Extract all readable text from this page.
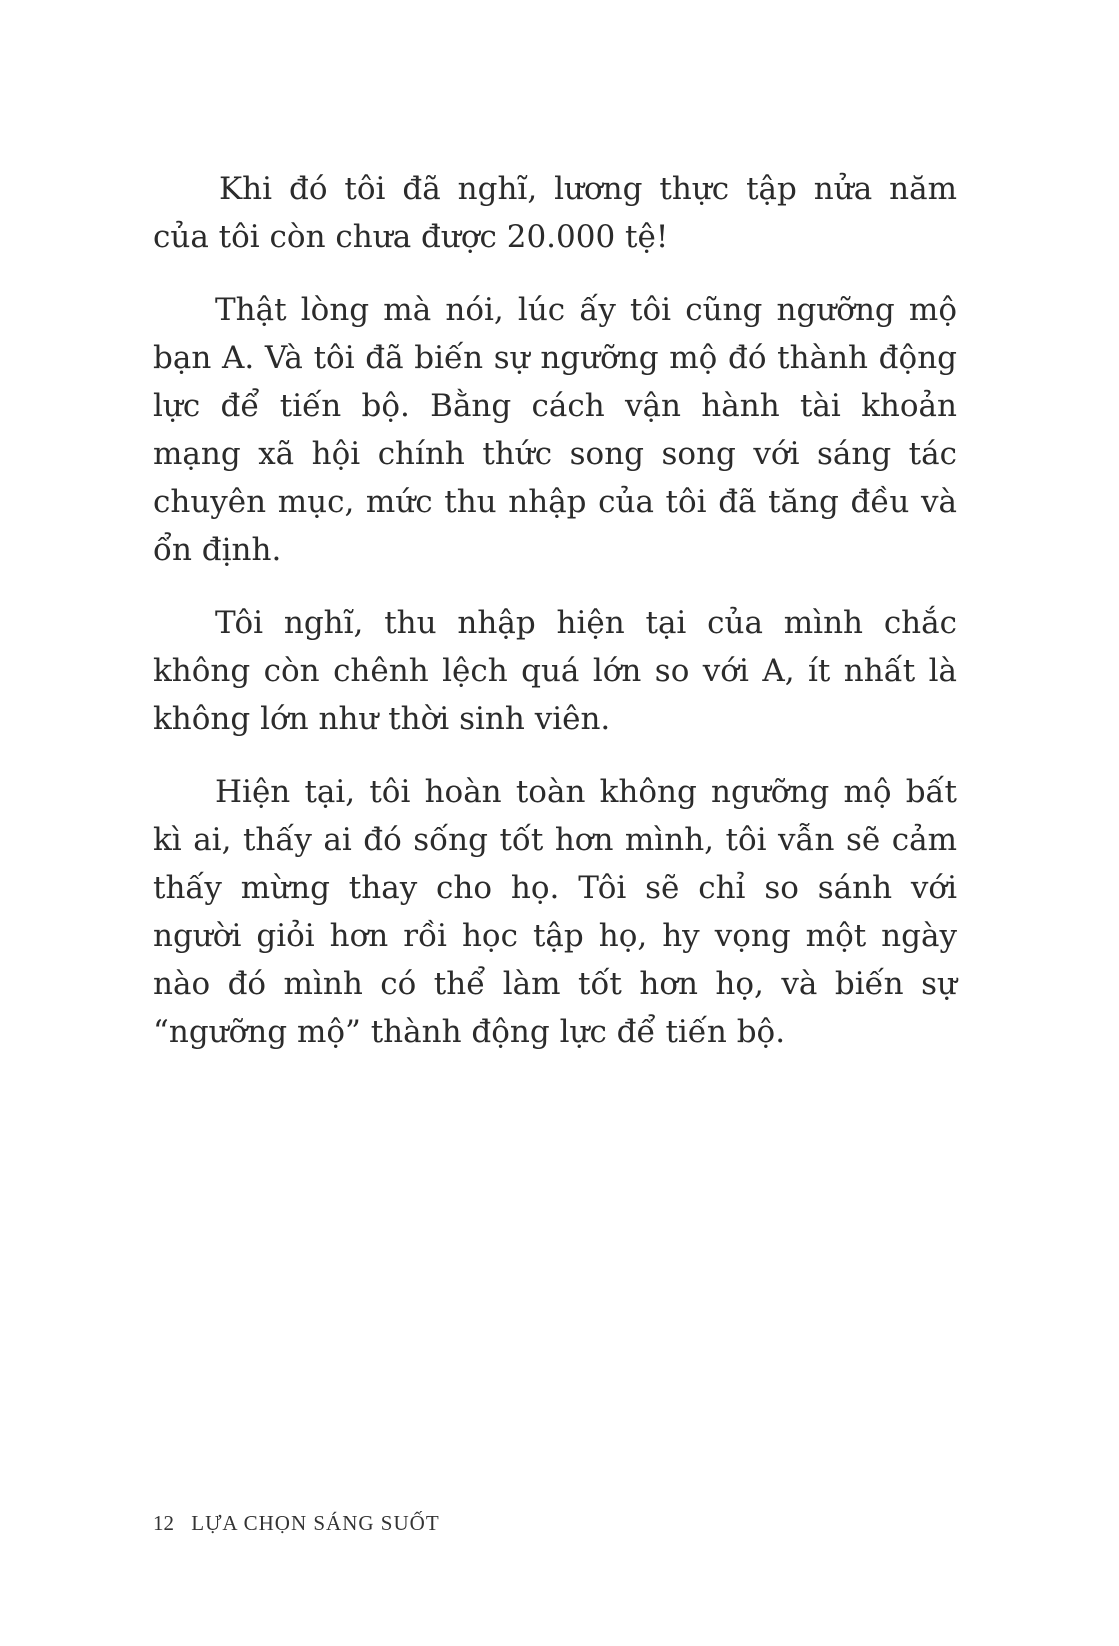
Khi đó tôi đã nghĩ, lương thực tập nửa năm của tôi còn chưa được 20.000 tệ!

Thật lòng mà nói, lúc ấy tôi cũng ngưỡng mộ bạn A. Và tôi đã biến sự ngưỡng mộ đó thành động lực để tiến bộ. Bằng cách vận hành tài khoản mạng xã hội chính thức song song với sáng tác chuyên mục, mức thu nhập của tôi đã tăng đều và ổn định.

Tôi nghĩ, thu nhập hiện tại của mình chắc không còn chênh lệch quá lớn so với A, ít nhất là không lớn như thời sinh viên.

Hiện tại, tôi hoàn toàn không ngưỡng mộ bất kì ai, thấy ai đó sống tốt hơn mình, tôi vẫn sẽ cảm thấy mừng thay cho họ. Tôi sẽ chỉ so sánh với người giỏi hơn rồi học tập họ, hy vọng một ngày nào đó mình có thể làm tốt hơn họ, và biến sự “ngưỡng mộ” thành động lực để tiến bộ.

12 LỰA CHỌN SÁNG SUỐT
